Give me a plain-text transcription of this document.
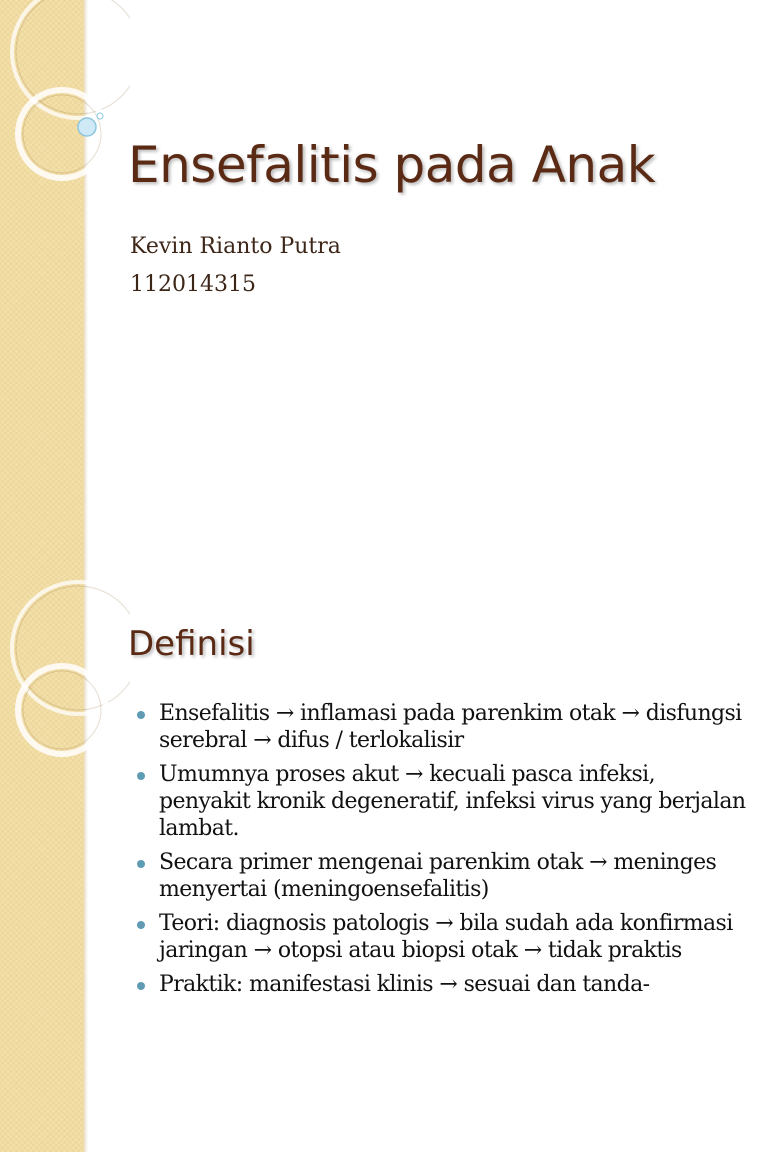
Ensefalitis pada Anak
Kevin Rianto Putra
112014315
Definisi
Ensefalitis → inflamasi pada parenkim otak → disfungsi serebral → difus / terlokalisir
Umumnya proses akut → kecuali pasca infeksi, penyakit kronik degeneratif, infeksi virus yang berjalan lambat.
Secara primer mengenai parenkim otak → meninges menyertai (meningoensefalitis)
Teori: diagnosis patologis → bila sudah ada konfirmasi jaringan → otopsi atau biopsi otak → tidak praktis
Praktik: manifestasi klinis → sesuai dan tanda-
